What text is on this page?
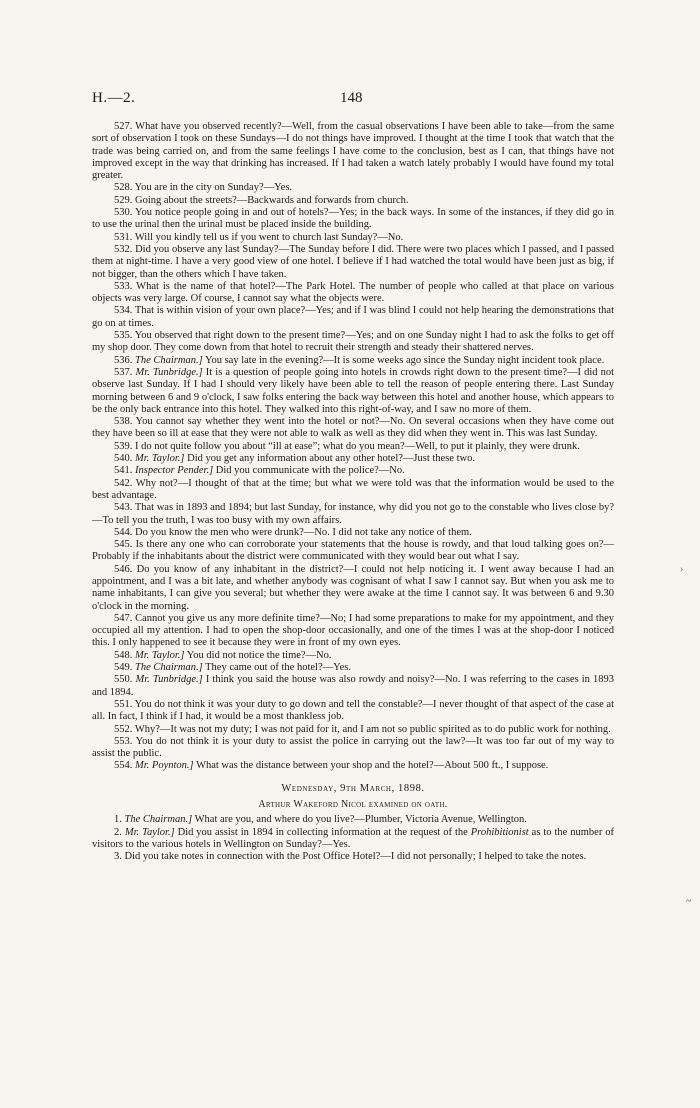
H.—2.	148

527. What have you observed recently?—Well, from the casual observations I have been able to take—from the same sort of observation I took on these Sundays—I do not things have improved. I thought at the time I took that watch that the trade was being carried on, and from the same feelings I have come to the conclusion, best as I can, that things have not improved except in the way that drinking has increased. If I had taken a watch lately probably I would have found my total greater.

528. You are in the city on Sunday?—Yes.

529. Going about the streets?—Backwards and forwards from church.

530. You notice people going in and out of hotels?—Yes; in the back ways. In some of the instances, if they did go in to use the urinal then the urinal must be placed inside the building.

531. Will you kindly tell us if you went to church last Sunday?—No.

532. Did you observe any last Sunday?—The Sunday before I did. There were two places which I passed, and I passed them at night-time. I have a very good view of one hotel. I believe if I had watched the total would have been just as big, if not bigger, than the others which I have taken.

533. What is the name of that hotel?—The Park Hotel. The number of people who called at that place on various objects was very large. Of course, I cannot say what the objects were.

534. That is within vision of your own place?—Yes; and if I was blind I could not help hearing the demonstrations that go on at times.

535. You observed that right down to the present time?—Yes; and on one Sunday night I had to ask the folks to get off my shop door. They come down from that hotel to recruit their strength and steady their shattered nerves.

536. The Chairman.] You say late in the evening?—It is some weeks ago since the Sunday night incident took place.

537. Mr. Tunbridge.] It is a question of people going into hotels in crowds right down to the present time?—I did not observe last Sunday. If I had I should very likely have been able to tell the reason of people entering there. Last Sunday morning between 6 and 9 o'clock, I saw folks entering the back way between this hotel and another house, which appears to be the only back entrance into this hotel. They walked into this right-of-way, and I saw no more of them.

538. You cannot say whether they went into the hotel or not?—No. On several occasions when they have come out they have been so ill at ease that they were not able to walk as well as they did when they went in. This was last Sunday.

539. I do not quite follow you about “ill at ease”; what do you mean?—Well, to put it plainly, they were drunk.

540. Mr. Taylor.] Did you get any information about any other hotel?—Just these two.

541. Inspector Pender.] Did you communicate with the police?—No.

542. Why not?—I thought of that at the time; but what we were told was that the information would be used to the best advantage.

543. That was in 1893 and 1894; but last Sunday, for instance, why did you not go to the constable who lives close by?—To tell you the truth, I was too busy with my own affairs.

544. Do you know the men who were drunk?—No. I did not take any notice of them.

545. Is there any one who can corroborate your statements that the house is rowdy, and that loud talking goes on?—Probably if the inhabitants about the district were communicated with they would bear out what I say.

546. Do you know of any inhabitant in the district?—I could not help noticing it. I went away because I had an appointment, and I was a bit late, and whether anybody was cognisant of what I saw I cannot say. But when you ask me to name inhabitants, I can give you several; but whether they were awake at the time I cannot say. It was between 6 and 9.30 o'clock in the morning.

547. Cannot you give us any more definite time?—No; I had some preparations to make for my appointment, and they occupied all my attention. I had to open the shop-door occasionally, and one of the times I was at the shop-door I noticed this. I only happened to see it because they were in front of my own eyes.

548. Mr. Taylor.] You did not notice the time?—No.

549. The Chairman.] They came out of the hotel?—Yes.

550. Mr. Tunbridge.] I think you said the house was also rowdy and noisy?—No. I was referring to the cases in 1893 and 1894.

551. You do not think it was your duty to go down and tell the constable?—I never thought of that aspect of the case at all. In fact, I think if I had, it would be a most thankless job.

552. Why?—It was not my duty; I was not paid for it, and I am not so public spirited as to do public work for nothing.

553. You do not think it is your duty to assist the police in carrying out the law?—It was too far out of my way to assist the public.

554. Mr. Poynton.] What was the distance between your shop and the hotel?—About 500 ft., I suppose.

Wednesday, 9th March, 1898.
Arthur Wakeford Nicol examined on oath.

1. The Chairman.] What are you, and where do you live?—Plumber, Victoria Avenue, Wellington.

2. Mr. Taylor.] Did you assist in 1894 in collecting information at the request of the Prohibitionist as to the number of visitors to the various hotels in Wellington on Sunday?—Yes.

3. Did you take notes in connection with the Post Office Hotel?—I did not personally; I helped to take the notes.

›
~
